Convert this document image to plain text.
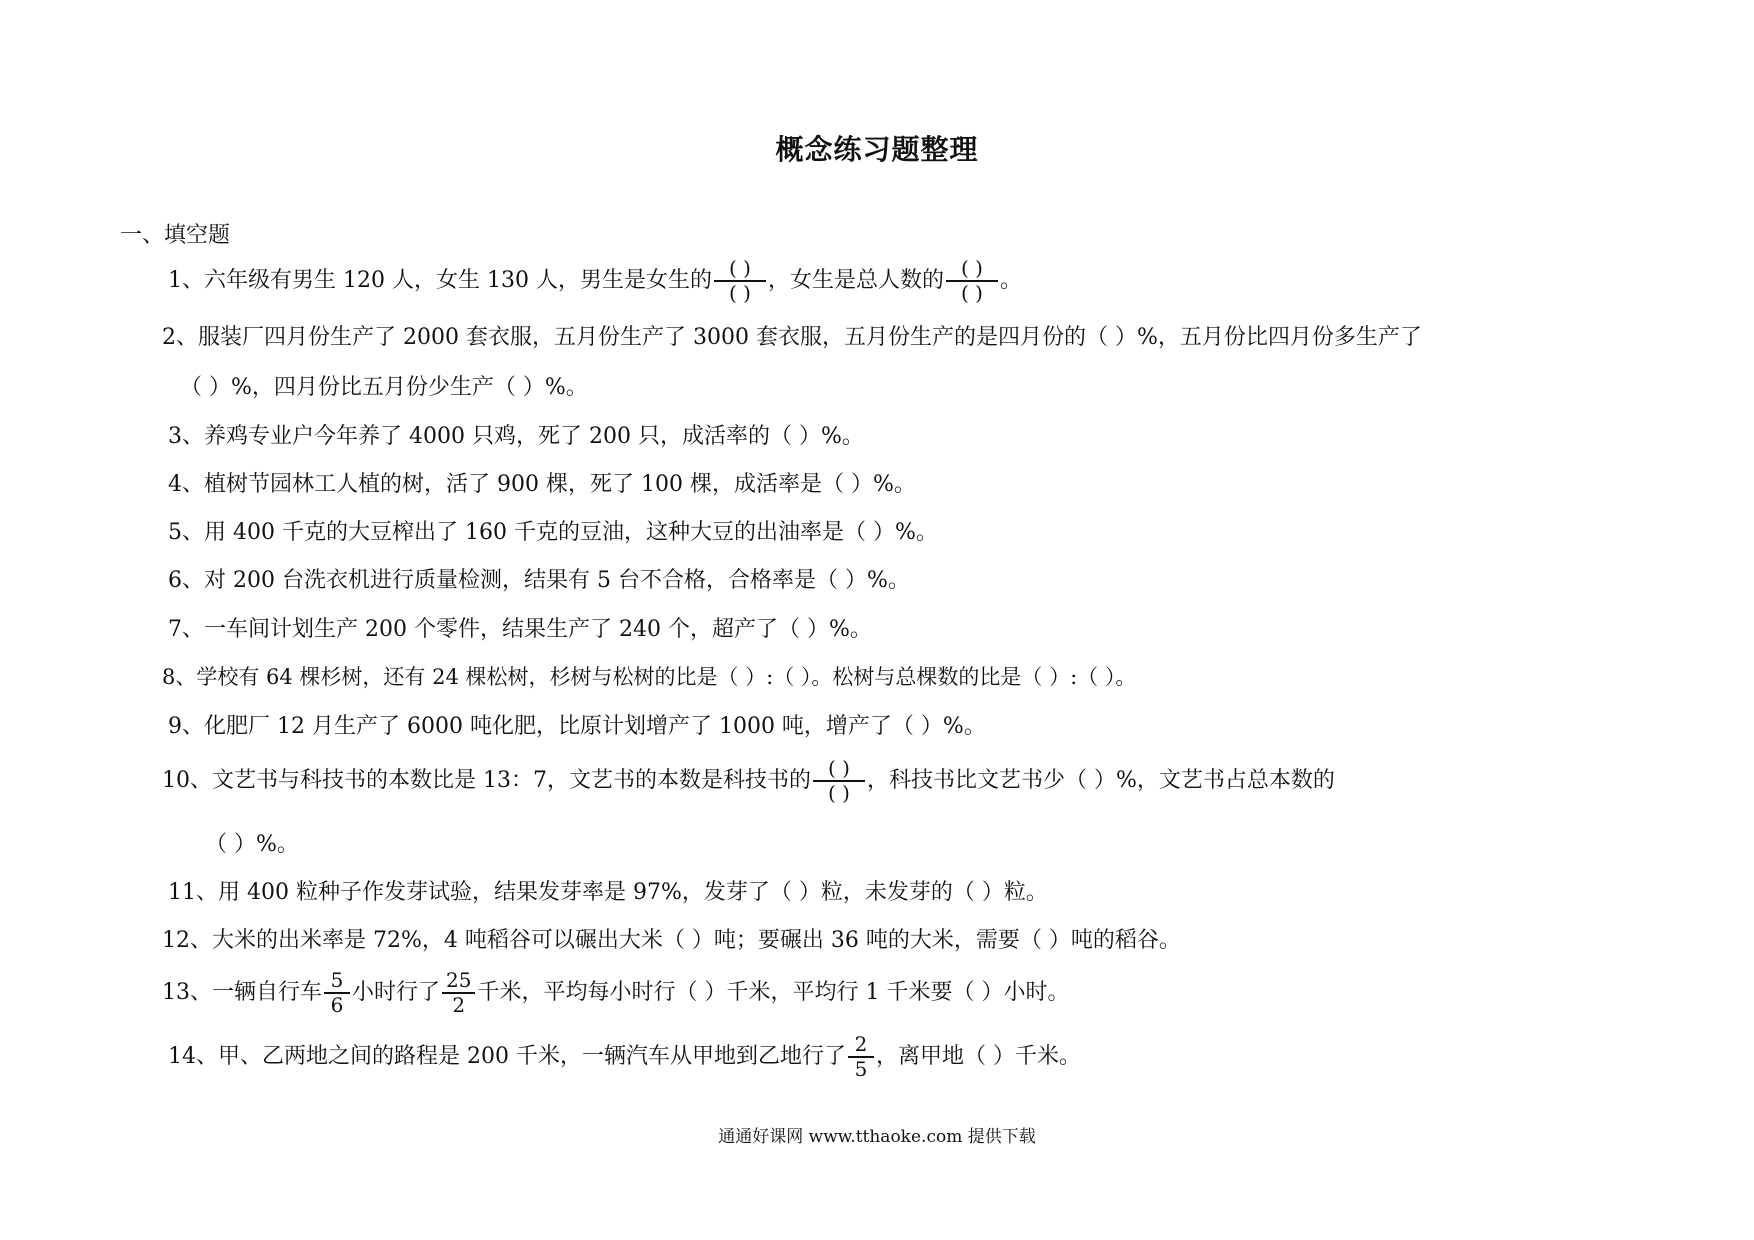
概念练习题整理
一、填空题
1、六年级有男生 120 人，女生 130 人，男生是女生的 $\frac{( )}{( )}$ ，女生是总人数的 $\frac{( )}{( )}$ 。
2、服装厂四月份生产了 2000 套衣服，五月份生产了 3000 套衣服，五月份生产的是四月份的（ ）%，五月份比四月份多生产了
（ ）%，四月份比五月份少生产（ ）%。
3、养鸡专业户今年养了 4000 只鸡，死了 200 只，成活率的（ ）%。
4、植树节园林工人植的树，活了 900 棵，死了 100 棵，成活率是（ ）%。
5、用 400 千克的大豆榨出了 160 千克的豆油，这种大豆的出油率是（ ）%。
6、对 200 台洗衣机进行质量检测，结果有 5 台不合格，合格率是（ ）%。
7、一车间计划生产 200 个零件，结果生产了 240 个，超产了（ ）%。
8、学校有 64 棵杉树，还有 24 棵松树，杉树与松树的比是（ ）:（ ）。松树与总棵数的比是（ ）:（ ）。
9、化肥厂 12 月生产了 6000 吨化肥，比原计划增产了 1000 吨，增产了（ ）%。
10、文艺书与科技书的本数比是 13：7，文艺书的本数是科技书的 $\frac{( )}{( )}$ ，科技书比文艺书少（ ）%，文艺书占总本数的
（ ）%。
11、用 400 粒种子作发芽试验，结果发芽率是 97%，发芽了（ ）粒，未发芽的（ ）粒。
12、大米的出米率是 72%，4 吨稻谷可以碾出大米（ ）吨；要碾出 36 吨的大米，需要（ ）吨的稻谷。
13、一辆自行车 $\frac{5}{6}$ 小时行了 $\frac{25}{2}$ 千米，平均每小时行（ ）千米，平均行 1 千米要（ ）小时。
14、甲、乙两地之间的路程是 200 千米，一辆汽车从甲地到乙地行了 $\frac{2}{5}$ ，离甲地（ ）千米。
通通好课网 www.tthaoke.com 提供下载
